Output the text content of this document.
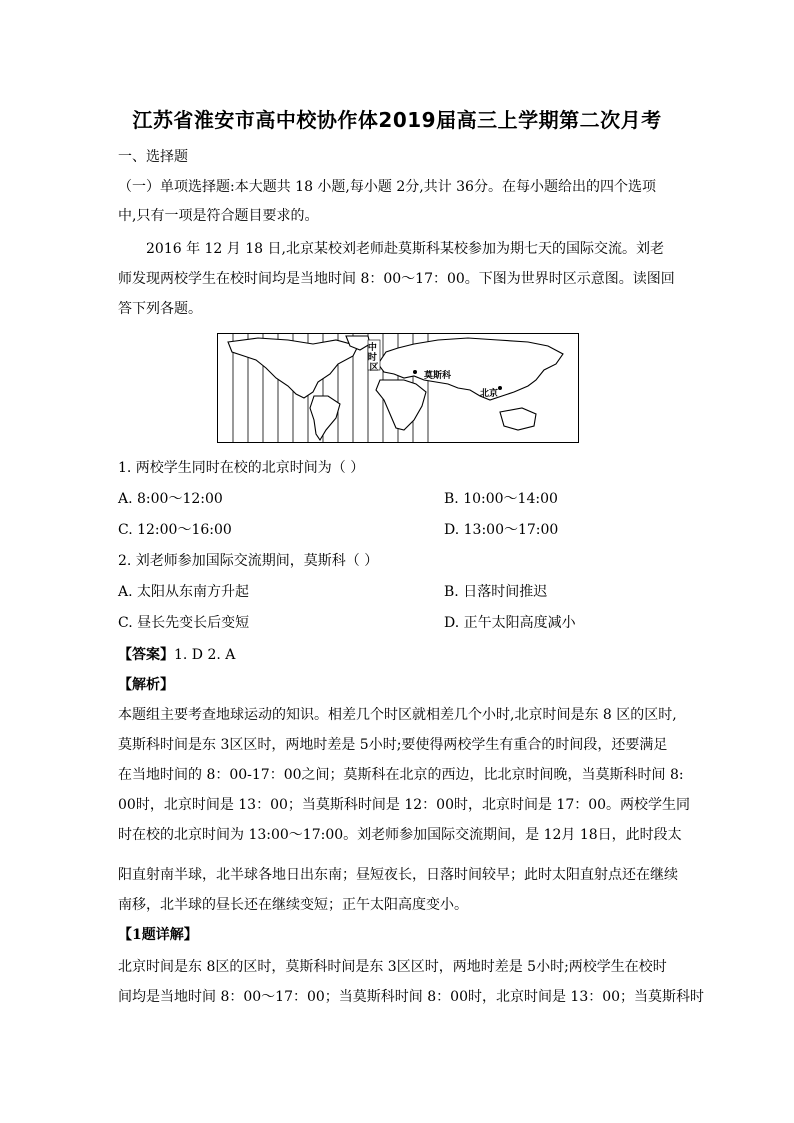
江苏省淮安市高中校协作体2019届高三上学期第二次月考
一、选择题
（一）单项选择题:本大题共 18 小题,每小题 2分,共计 36分。在每小题给出的四个选项
中,只有一项是符合题目要求的。
2016 年 12 月 18 日,北京某校刘老师赴莫斯科某校参加为期七天的国际交流。刘老
师发现两校学生在校时间均是当地时间 8：00～17：00。下图为世界时区示意图。读图回
答下列各题。
中 时 区
莫斯科
北京
1. 两校学生同时在校的北京时间为（ ）
A. 8:00～12:00	B. 10:00～14:00
C. 12:00～16:00	D. 13:00～17:00
2. 刘老师参加国际交流期间，莫斯科（ ）
A. 太阳从东南方升起	B. 日落时间推迟
C. 昼长先变长后变短	D. 正午太阳高度减小
【答案】1. D 2. A
【解析】
本题组主要考查地球运动的知识。相差几个时区就相差几个小时,北京时间是东 8 区的区时,
莫斯科时间是东 3区区时，两地时差是 5小时;要使得两校学生有重合的时间段，还要满足
在当地时间的 8：00-17：00之间；莫斯科在北京的西边，比北京时间晚，当莫斯科时间 8:
00时，北京时间是 13：00；当莫斯科时间是 12：00时，北京时间是 17：00。两校学生同
时在校的北京时间为 13:00～17:00。刘老师参加国际交流期间，是 12月 18日，此时段太
阳直射南半球，北半球各地日出东南；昼短夜长，日落时间较早；此时太阳直射点还在继续
南移，北半球的昼长还在继续变短；正午太阳高度变小。
【1题详解】
北京时间是东 8区的区时，莫斯科时间是东 3区区时，两地时差是 5小时;两校学生在校时
间均是当地时间 8：00～17：00；当莫斯科时间 8：00时，北京时间是 13：00；当莫斯科时
